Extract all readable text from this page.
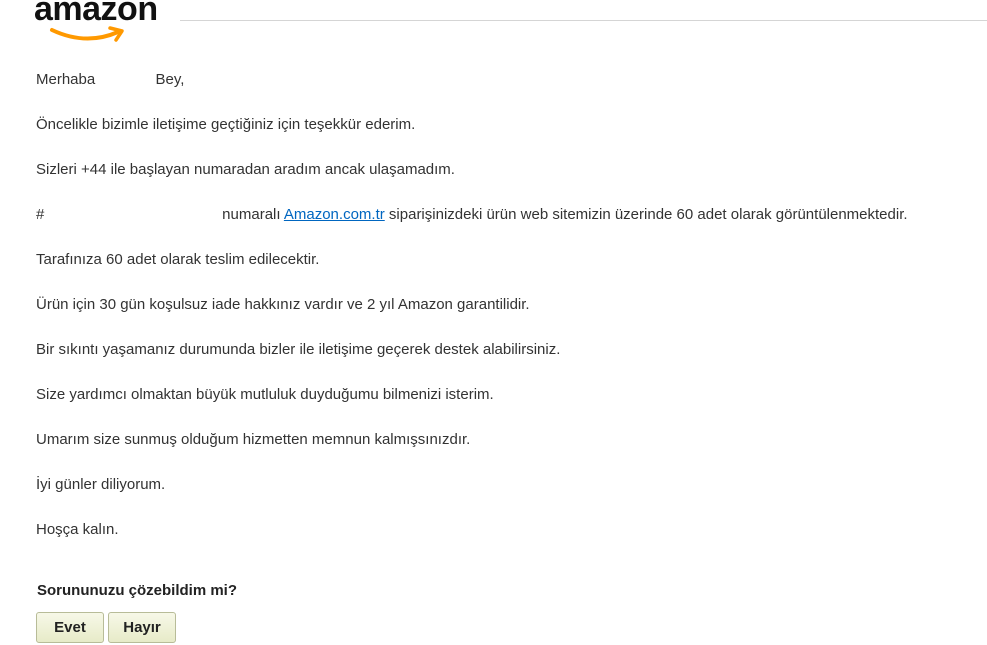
amazon
Merhaba	Bey,
Öncelikle bizimle iletişime geçtiğiniz için teşekkür ederim.
Sizleri +44 ile başlayan numaradan aradım ancak ulaşamadım.
#	numaralı Amazon.com.tr siparişinizdeki ürün web sitemizin üzerinde 60 adet olarak görüntülenmektedir.
Tarafınıza 60 adet olarak teslim edilecektir.
Ürün için 30 gün koşulsuz iade hakkınız vardır ve 2 yıl Amazon garantilidir.
Bir sıkıntı yaşamanız durumunda bizler ile iletişime geçerek destek alabilirsiniz.
Size yardımcı olmaktan büyük mutluluk duyduğumu bilmenizi isterim.
Umarım size sunmuş olduğum hizmetten memnun kalmışsınızdır.
İyi günler diliyorum.
Hoşça kalın.
Sorununuzu çözebildim mi?
Evet	Hayır
